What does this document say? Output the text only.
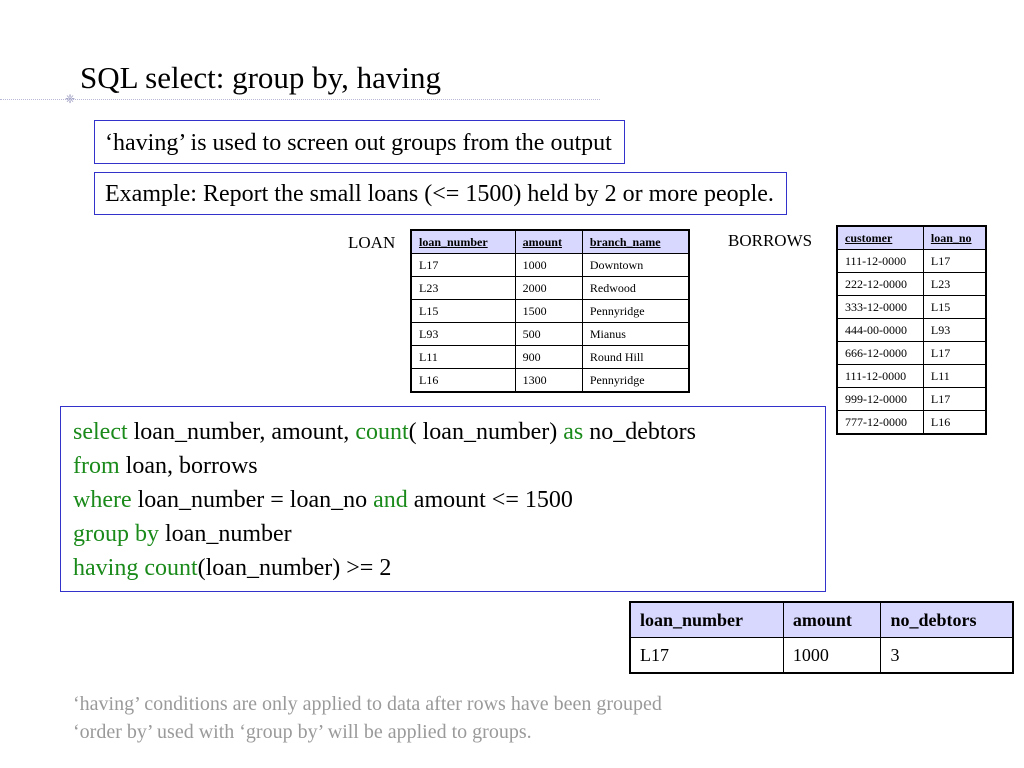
SQL select: group by, having
❈
‘having’ is used to screen out groups from the output
Example: Report the small loans (<= 1500) held by 2 or more people.
LOAN loan_number	amount	branch_name
L17	1000	Downtown
L23	2000	Redwood
L15	1500	Pennyridge
L93	500	Mianus
L11	900	Round Hill
L16	1300	Pennyridge
BORROWS	customer	loan_no
111-12-0000	L17
222-12-0000	L23
333-12-0000	L15
444-00-0000	L93
666-12-0000	L17
111-12-0000	L11
999-12-0000	L17
777-12-0000	L16
select loan_number, amount, count( loan_number) as no_debtors
from loan, borrows
where loan_number = loan_no and amount <= 1500
group by loan_number
having count(loan_number) >= 2
loan_number	amount	no_debtors
L17	1000	3
‘having’ conditions are only applied to data after rows have been grouped
‘order by’ used with ‘group by’ will be applied to groups.
